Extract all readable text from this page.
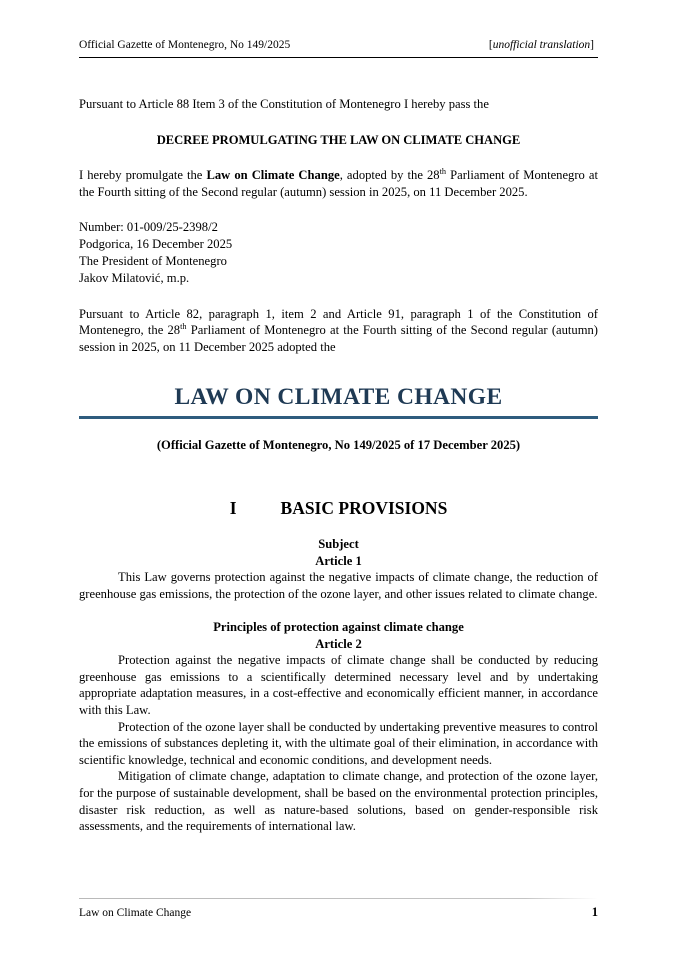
Official Gazette of Montenegro, No 149/2025	[unofficial translation]

Pursuant to Article 88 Item 3 of the Constitution of Montenegro I hereby pass the

DECREE PROMULGATING THE LAW ON CLIMATE CHANGE

I hereby promulgate the Law on Climate Change, adopted by the 28th Parliament of Montenegro at the Fourth sitting of the Second regular (autumn) session in 2025, on 11 December 2025.

Number: 01-009/25-2398/2
Podgorica, 16 December 2025
The President of Montenegro
Jakov Milatović, m.p.

Pursuant to Article 82, paragraph 1, item 2 and Article 91, paragraph 1 of the Constitution of Montenegro, the 28th Parliament of Montenegro at the Fourth sitting of the Second regular (autumn) session in 2025, on 11 December 2025 adopted the

LAW ON CLIMATE CHANGE
(Official Gazette of Montenegro, No 149/2025 of 17 December 2025)
I	BASIC PROVISIONS
Subject
Article 1

This Law governs protection against the negative impacts of climate change, the reduction of greenhouse gas emissions, the protection of the ozone layer, and other issues related to climate change.

Principles of protection against climate change
Article 2

Protection against the negative impacts of climate change shall be conducted by reducing greenhouse gas emissions to a scientifically determined necessary level and by undertaking appropriate adaptation measures, in a cost-effective and economically efficient manner, in accordance with this Law.

Protection of the ozone layer shall be conducted by undertaking preventive measures to control the emissions of substances depleting it, with the ultimate goal of their elimination, in accordance with scientific knowledge, technical and economic conditions, and development needs.

Mitigation of climate change, adaptation to climate change, and protection of the ozone layer, for the purpose of sustainable development, shall be based on the environmental protection principles, disaster risk reduction, as well as nature-based solutions, based on gender-responsible risk assessments, and the requirements of international law.

Law on Climate Change	1
